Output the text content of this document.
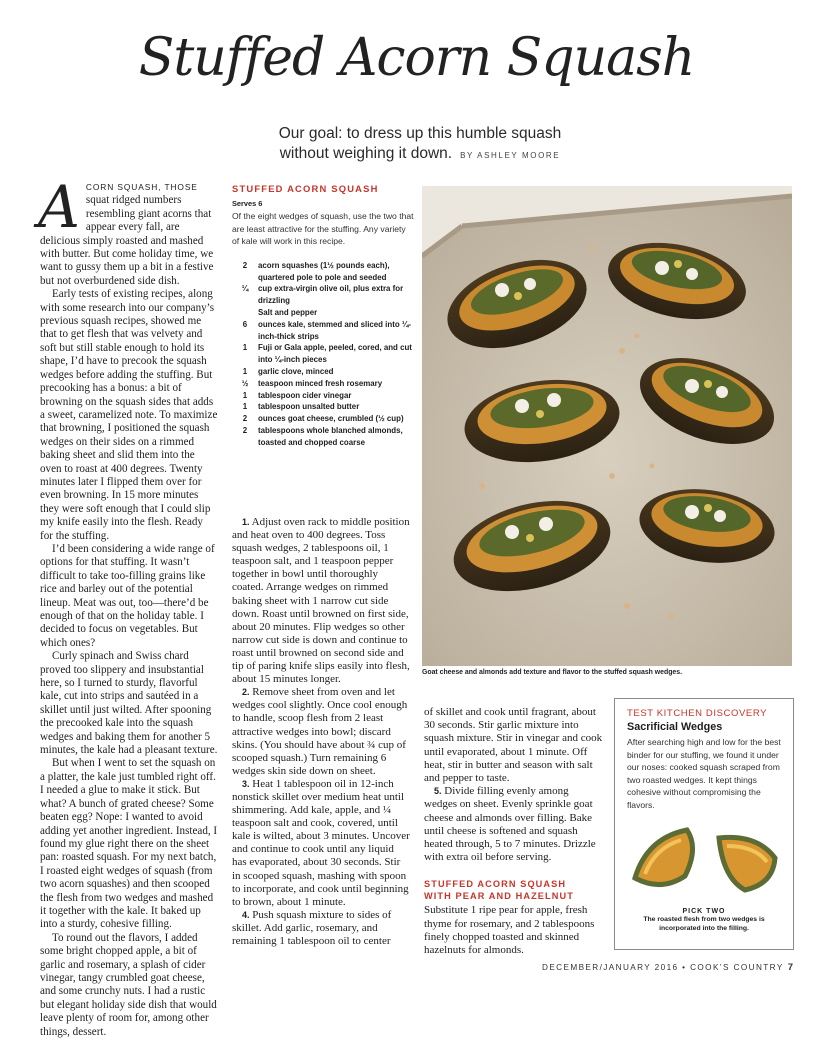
Stuffed Acorn Squash
Our goal: to dress up this humble squash
without weighing it down. BY ASHLEY MOORE

ACORN SQUASH, THOSE squat ridged numbers resembling giant acorns that appear every fall, are delicious simply roasted and mashed with butter. But come holiday time, we want to gussy them up a bit in a festive but not overburdened side dish.

Early tests of existing recipes, along with some research into our company’s previous squash recipes, showed me that to get flesh that was velvety and soft but still stable enough to hold its shape, I’d have to precook the squash wedges before adding the stuffing. But precooking has a bonus: a bit of browning on the squash sides that adds a sweet, caramelized note. To maximize that browning, I positioned the squash wedges on their sides on a rimmed baking sheet and slid them into the oven to roast at 400 degrees. Twenty minutes later I flipped them over for even browning. In 15 more minutes they were soft enough that I could slip my knife easily into the flesh. Ready for the stuffing.

I’d been considering a wide range of options for that stuffing. It wasn’t difficult to take too-filling grains like rice and barley out of the potential lineup. Meat was out, too—there’d be enough of that on the holiday table. I decided to focus on vegetables. But which ones?

Curly spinach and Swiss chard proved too slippery and insubstantial here, so I turned to sturdy, flavorful kale, cut into strips and sautéed in a skillet until just wilted. After spooning the precooked kale into the squash wedges and baking them for another 5 minutes, the kale had a pleasant texture.

But when I went to set the squash on a platter, the kale just tumbled right off. I needed a glue to make it stick. But what? A bunch of grated cheese? Some beaten egg? Nope: I wanted to avoid adding yet another ingredient. Instead, I found my glue right there on the sheet pan: roasted squash. For my next batch, I roasted eight wedges of squash (from two acorn squashes) and then scooped the flesh from two wedges and mashed it together with the kale. It baked up into a sturdy, cohesive filling.

To round out the flavors, I added some bright chopped apple, a bit of garlic and rosemary, a splash of cider vinegar, tangy crumbled goat cheese, and some crunchy nuts. I had a rustic but elegant holiday side dish that would leave plenty of room for, among other things, dessert.

STUFFED ACORN SQUASH

Serves 6

Of the eight wedges of squash, use the two that are least attractive for the stuffing. Any variety of kale will work in this recipe.

2	acorn squashes (1½ pounds each), quartered pole to pole and seeded
¼	cup extra-virgin olive oil, plus extra for drizzling
Salt and pepper
6	ounces kale, stemmed and sliced into ¼-inch-thick strips
1	Fuji or Gala apple, peeled, cored, and cut into ¼-inch pieces
1	garlic clove, minced
½	teaspoon minced fresh rosemary
1	tablespoon cider vinegar
1	tablespoon unsalted butter
2	ounces goat cheese, crumbled (½ cup)
2	tablespoons whole blanched almonds, toasted and chopped coarse

1. Adjust oven rack to middle position and heat oven to 400 degrees. Toss squash wedges, 2 tablespoons oil, 1 teaspoon salt, and 1 teaspoon pepper together in bowl until thoroughly coated. Arrange wedges on rimmed baking sheet with 1 narrow cut side down. Roast until browned on first side, about 20 minutes. Flip wedges so other narrow cut side is down and continue to roast until browned on second side and tip of paring knife slips easily into flesh, about 15 minutes longer.

2. Remove sheet from oven and let wedges cool slightly. Once cool enough to handle, scoop flesh from 2 least attractive wedges into bowl; discard skins. (You should have about ¾ cup of scooped squash.) Turn remaining 6 wedges skin side down on sheet.

3. Heat 1 tablespoon oil in 12-inch nonstick skillet over medium heat until shimmering. Add kale, apple, and ¼ teaspoon salt and cook, covered, until kale is wilted, about 3 minutes. Uncover and continue to cook until any liquid has evaporated, about 30 seconds. Stir in scooped squash, mashing with spoon to incorporate, and cook until beginning to brown, about 1 minute.

4. Push squash mixture to sides of skillet. Add garlic, rosemary, and remaining 1 tablespoon oil to center

Goat cheese and almonds add texture and flavor to the stuffed squash wedges.

of skillet and cook until fragrant, about 30 seconds. Stir garlic mixture into squash mixture. Stir in vinegar and cook until evaporated, about 1 minute. Off heat, stir in butter and season with salt and pepper to taste.

5. Divide filling evenly among wedges on sheet. Evenly sprinkle goat cheese and almonds over filling. Bake until cheese is softened and squash heated through, 5 to 7 minutes. Drizzle with extra oil before serving.

STUFFED ACORN SQUASH
WITH PEAR AND HAZELNUT

Substitute 1 ripe pear for apple, fresh thyme for rosemary, and 2 tablespoons finely chopped toasted and skinned hazelnuts for almonds.

TEST KITCHEN DISCOVERY

Sacrificial Wedges

After searching high and low for the best binder for our stuffing, we found it under our noses: cooked squash scraped from two roasted wedges. It kept things cohesive without compromising the flavors.

PICK TWO

The roasted flesh from two wedges is incorporated into the filling.

DECEMBER/JANUARY 2016 • COOK’S COUNTRY 7
